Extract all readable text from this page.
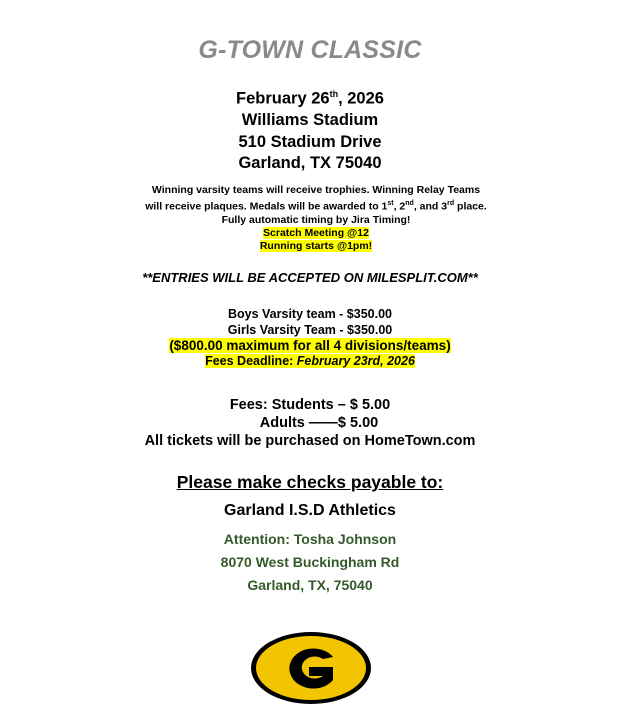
G-TOWN CLASSIC
February 26th, 2026
Williams Stadium
510 Stadium Drive
Garland, TX 75040
Winning varsity teams will receive trophies. Winning Relay Teams
will receive plaques. Medals will be awarded to 1st, 2nd, and 3rd place.
Fully automatic timing by Jira Timing!
Scratch Meeting @12
Running starts @1pm!
**ENTRIES WILL BE ACCEPTED ON MILESPLIT.COM**
Boys Varsity team - $350.00
Girls Varsity Team - $350.00
($800.00 maximum for all 4 divisions/teams)
Fees Deadline: February 23rd, 2026
Fees: Students – $ 5.00
Adults ——$ 5.00
All tickets will be purchased on HomeTown.com
Please make checks payable to:
Garland I.S.D Athletics
Attention: Tosha Johnson
8070 West Buckingham Rd
Garland, TX, 75040
